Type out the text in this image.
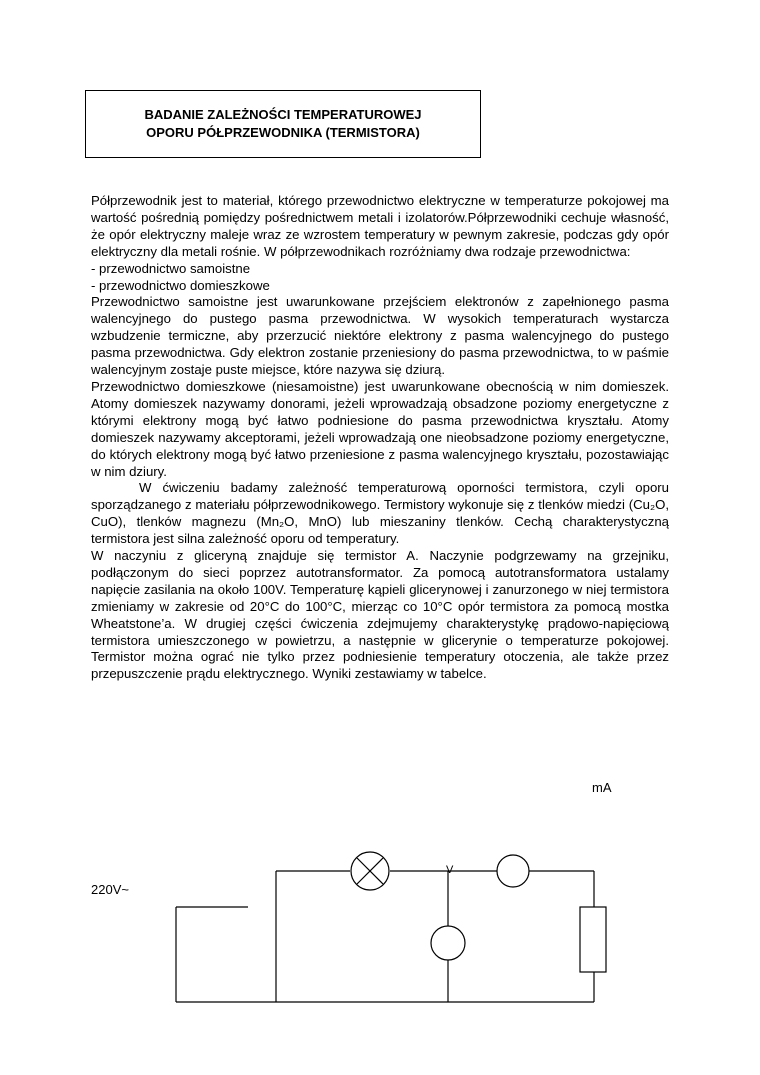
BADANIE ZALEŻNOŚCI TEMPERATUROWEJ
OPORU PÓŁPRZEWODNIKA (TERMISTORA)

Półprzewodnik jest to materiał, którego przewodnictwo elektryczne w temperaturze pokojowej ma wartość pośrednią pomiędzy pośrednictwem metali i izolatorów.Półprzewodniki cechuje własność, że opór elektryczny maleje wraz ze wzrostem temperatury w pewnym zakresie, podczas gdy opór elektryczny dla metali rośnie. W półprzewodnikach rozróżniamy dwa rodzaje przewodnictwa:

- przewodnictwo samoistne

- przewodnictwo domieszkowe

Przewodnictwo samoistne jest uwarunkowane przejściem elektronów z zapełnionego pasma walencyjnego do pustego pasma przewodnictwa. W wysokich temperaturach wystarcza wzbudzenie termiczne, aby przerzucić niektóre elektrony z pasma walencyjnego do pustego pasma przewodnictwa. Gdy elektron zostanie przeniesiony do pasma przewodnictwa, to w paśmie walencyjnym zostaje puste miejsce, które nazywa się dziurą.

Przewodnictwo domieszkowe (niesamoistne) jest uwarunkowane obecnością w nim domieszek. Atomy domieszek nazywamy donorami, jeżeli wprowadzają obsadzone poziomy energetyczne z którymi elektrony mogą być łatwo podniesione do pasma przewodnictwa kryształu. Atomy domieszek nazywamy akceptorami, jeżeli wprowadzają one nieobsadzone poziomy energetyczne, do których elektrony mogą być łatwo przeniesione z pasma walencyjnego kryształu, pozostawiając w nim dziury.

W ćwiczeniu badamy zależność temperaturową oporności termistora, czyli oporu sporządzanego z materiału półprzewodnikowego. Termistory wykonuje się z tlenków miedzi (Cu₂O, CuO), tlenków magnezu (Mn₂O, MnO) lub mieszaniny tlenków. Cechą charakterystyczną termistora jest silna zależność oporu od temperatury.

W naczyniu z gliceryną znajduje się termistor A. Naczynie podgrzewamy na grzejniku, podłączonym do sieci poprzez autotransformator. Za pomocą autotransformatora ustalamy napięcie zasilania na około 100V. Temperaturę kąpieli glicerynowej i zanurzonego w niej termistora zmieniamy w zakresie od 20°C do 100°C, mierząc co 10°C opór termistora za pomocą mostka Wheatstone’a. W drugiej części ćwiczenia zdejmujemy charakterystykę prądowo-napięciową termistora umieszczonego w powietrzu, a następnie w glicerynie o temperaturze pokojowej. Termistor można ograć nie tylko przez podniesienie temperatury otoczenia, ale także przez przepuszczenie prądu elektrycznego. Wyniki zestawiamy w tabelce.

mA
V
220V~
